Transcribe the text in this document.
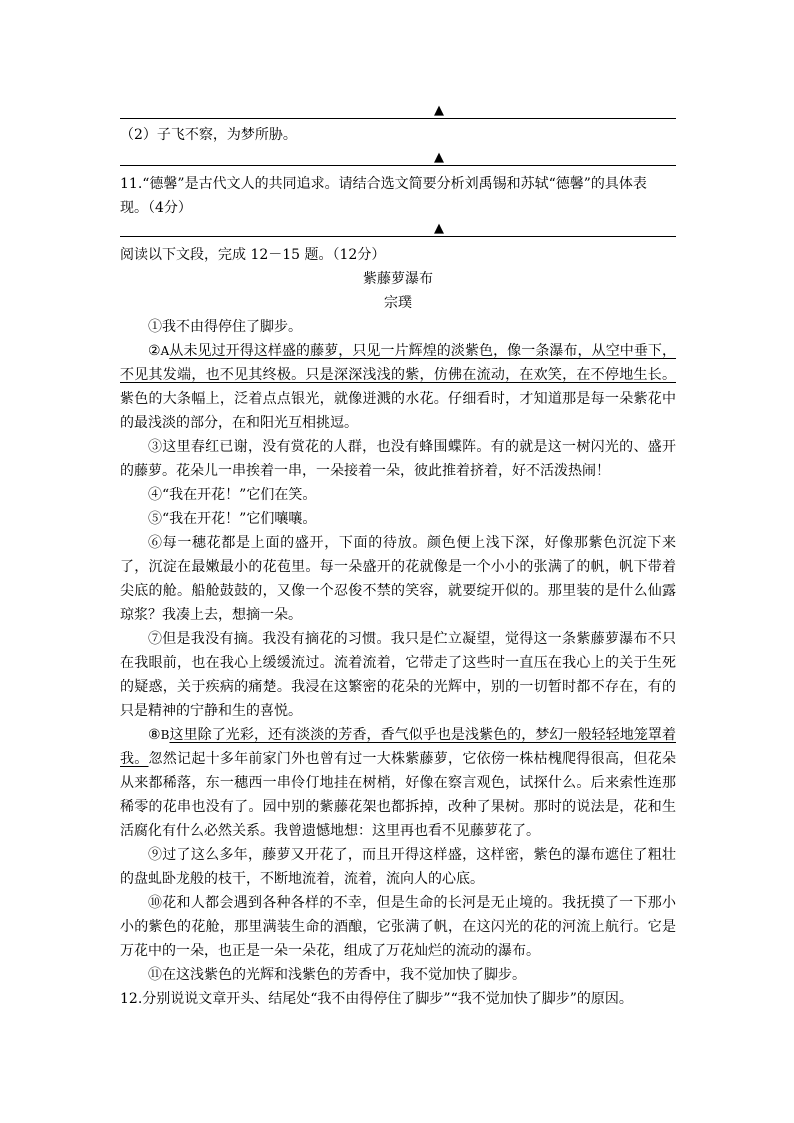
▲
（2）子飞不察，为梦所胁。
▲
11.“德馨”是古代文人的共同追求。请结合选文简要分析刘禹锡和苏轼“德馨”的具体表
现。（4分）
▲
阅读以下文段，完成 12－15 题。（12分）
紫藤萝瀑布
宗璞
①我不由得停住了脚步。
②A从未见过开得这样盛的藤萝，只见一片辉煌的淡紫色，像一条瀑布，从空中垂下，不见其发端，也不见其终极。只是深深浅浅的紫，仿佛在流动，在欢笑，在不停地生长。紫色的大条幅上，泛着点点银光，就像迸溅的水花。仔细看时，才知道那是每一朵紫花中的最浅淡的部分，在和阳光互相挑逗。
③这里春红已谢，没有赏花的人群，也没有蜂围蝶阵。有的就是这一树闪光的、盛开的藤萝。花朵儿一串挨着一串，一朵接着一朵，彼此推着挤着，好不活泼热闹！
④“我在开花！”它们在笑。
⑤“我在开花！”它们嚷嚷。
⑥每一穗花都是上面的盛开，下面的待放。颜色便上浅下深，好像那紫色沉淀下来了，沉淀在最嫩最小的花苞里。每一朵盛开的花就像是一个小小的张满了的帆，帆下带着尖底的舱。船舱鼓鼓的，又像一个忍俊不禁的笑容，就要绽开似的。那里装的是什么仙露琼浆？我凑上去，想摘一朵。
⑦但是我没有摘。我没有摘花的习惯。我只是伫立凝望，觉得这一条紫藤萝瀑布不只在我眼前，也在我心上缓缓流过。流着流着，它带走了这些时一直压在我心上的关于生死的疑惑，关于疾病的痛楚。我浸在这繁密的花朵的光辉中，别的一切暂时都不存在，有的只是精神的宁静和生的喜悦。
⑧B这里除了光彩，还有淡淡的芳香，香气似乎也是浅紫色的，梦幻一般轻轻地笼罩着我。忽然记起十多年前家门外也曾有过一大株紫藤萝，它依傍一株枯槐爬得很高，但花朵从来都稀落，东一穗西一串伶仃地挂在树梢，好像在察言观色，试探什么。后来索性连那稀零的花串也没有了。园中别的紫藤花架也都拆掉，改种了果树。那时的说法是，花和生活腐化有什么必然关系。我曾遗憾地想：这里再也看不见藤萝花了。
⑨过了这么多年，藤萝又开花了，而且开得这样盛，这样密，紫色的瀑布遮住了粗壮的盘虬卧龙般的枝干，不断地流着，流着，流向人的心底。
⑩花和人都会遇到各种各样的不幸，但是生命的长河是无止境的。我抚摸了一下那小小的紫色的花舱，那里满装生命的酒酿，它张满了帆，在这闪光的花的河流上航行。它是万花中的一朵，也正是一朵一朵花，组成了万花灿烂的流动的瀑布。
⑪在这浅紫色的光辉和浅紫色的芳香中，我不觉加快了脚步。
12.分别说说文章开头、结尾处“我不由得停住了脚步”“我不觉加快了脚步”的原因。
